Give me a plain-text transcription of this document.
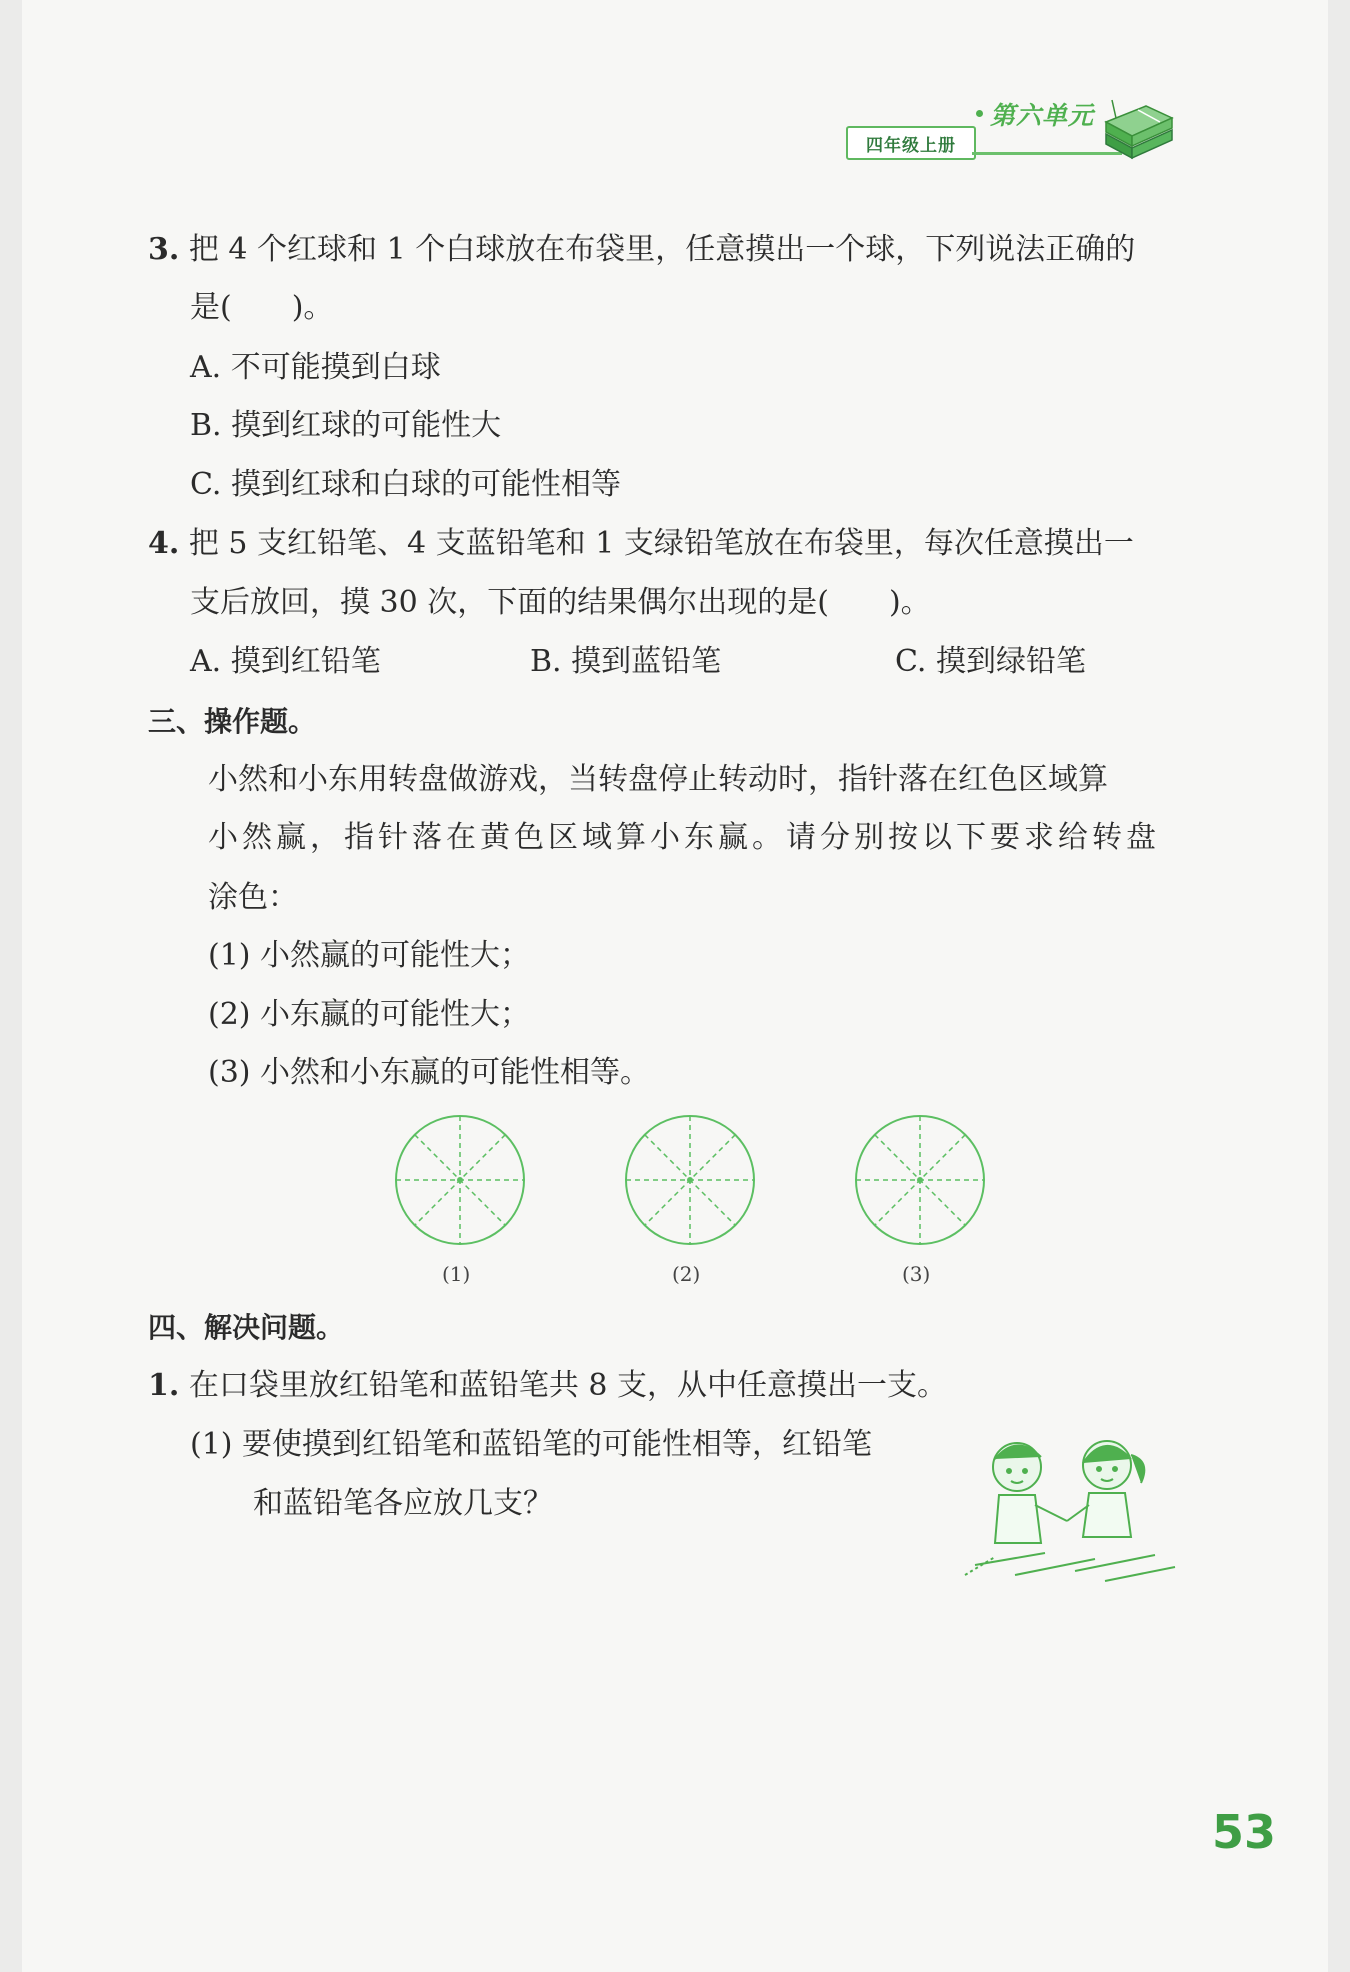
四年级上册
第六单元
3. 把 4 个红球和 1 个白球放在布袋里，任意摸出一个球，下列说法正确的
是(　　)。
A. 不可能摸到白球
B. 摸到红球的可能性大
C. 摸到红球和白球的可能性相等
4. 把 5 支红铅笔、4 支蓝铅笔和 1 支绿铅笔放在布袋里，每次任意摸出一
支后放回，摸 30 次，下面的结果偶尔出现的是(　　)。
A. 摸到红铅笔	B. 摸到蓝铅笔	C. 摸到绿铅笔
三、操作题。
小然和小东用转盘做游戏，当转盘停止转动时，指针落在红色区域算
小然赢，指针落在黄色区域算小东赢。请分别按以下要求给转盘
涂色：
(1) 小然赢的可能性大；
(2) 小东赢的可能性大；
(3) 小然和小东赢的可能性相等。
(1)	(2)	(3)
四、解决问题。
1. 在口袋里放红铅笔和蓝铅笔共 8 支，从中任意摸出一支。
(1) 要使摸到红铅笔和蓝铅笔的可能性相等，红铅笔
和蓝铅笔各应放几支？
53
